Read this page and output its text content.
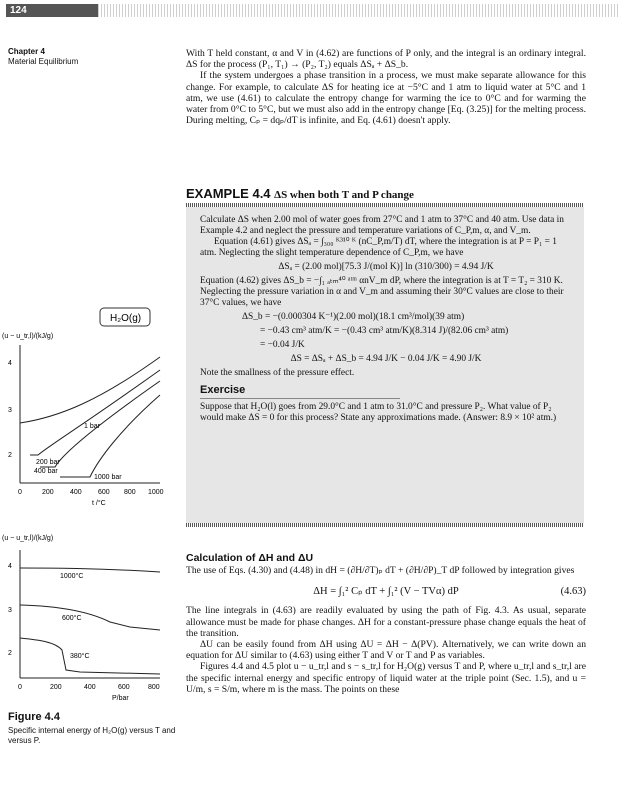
124
Chapter 4
Material Equilibrium

With T held constant, α and V in (4.62) are functions of P only, and the integral is an ordinary integral. ΔS for the process (P₁, T₁) → (P₂, T₂) equals ΔSₐ + ΔS_b.

If the system undergoes a phase transition in a process, we must make separate allowance for this change. For example, to calculate ΔS for heating ice at −5°C and 1 atm to liquid water at 5°C and 1 atm, we use (4.61) to calculate the entropy change for warming the ice to 0°C and for warming the water from 0°C to 5°C, but we must also add in the entropy change [Eq. (3.25)] for the melting process. During melting, Cₚ = dqₚ/dT is infinite, and Eq. (4.61) doesn't apply.

EXAMPLE 4.4 ΔS when both T and P change

Calculate ΔS when 2.00 mol of water goes from 27°C and 1 atm to 37°C and 40 atm. Use data in Example 4.2 and neglect the pressure and temperature variations of C_P,m, α, and V_m.

Equation (4.61) gives ΔSₐ = ∫₃₀₀ ᴷ³¹⁰ ᴷ (nC_P,m/T) dT, where the integration is at P = P₁ = 1 atm. Neglecting the slight temperature dependence of C_P,m, we have

ΔSₐ = (2.00 mol)[75.3 J/(mol K)] ln (310/300) = 4.94 J/K

Equation (4.62) gives ΔS_b = −∫₁ ₐₜₘ⁴⁰ ᵃᵗᵐ αnV_m dP, where the integration is at T = T₂ = 310 K. Neglecting the pressure variation in α and V_m and assuming their 30°C values are close to their 37°C values, we have

ΔS_b = −(0.000304 K⁻¹)(2.00 mol)(18.1 cm³/mol)(39 atm)

= −0.43 cm³ atm/K = −(0.43 cm³ atm/K)(8.314 J)/(82.06 cm³ atm)

= −0.04 J/K

ΔS = ΔSₐ + ΔS_b = 4.94 J/K − 0.04 J/K = 4.90 J/K

Note the smallness of the pressure effect.

Exercise

Suppose that H₂O(l) goes from 29.0°C and 1 atm to 31.0°C and pressure P₂. What value of P₂ would make ΔS = 0 for this process? State any approximations made. (Answer: 8.9 × 10² atm.)

Calculation of ΔH and ΔU

The use of Eqs. (4.30) and (4.48) in dH = (∂H/∂T)ₚ dT + (∂H/∂P)_T dP followed by integration gives

ΔH = ∫₁² Cₚ dT + ∫₁² (V − TVα) dP	(4.63)

The line integrals in (4.63) are readily evaluated by using the path of Fig. 4.3. As usual, separate allowance must be made for phase changes. ΔH for a constant-pressure phase change equals the heat of the transition.

ΔU can be easily found from ΔH using ΔU = ΔH − Δ(PV). Alternatively, we can write down an equation for ΔU similar to (4.63) using either T and V or T and P as variables.

Figures 4.4 and 4.5 plot u − u_tr,l and s − s_tr,l for H₂O(g) versus T and P, where u_tr,l and s_tr,l are the specific internal energy and specific entropy of liquid water at the triple point (Sec. 1.5), and u = U/m, s = S/m, where m is the mass. The points on these

(u − u_tr,l)/(kJ/g)
H₂O(g)
1 bar
200 bar
400 bar
1000 bar
4
3
2
0	200 400 600 800 1000
t /°C
(u − u_tr,l)/(kJ/g)
1000°C
600°C
380°C
4
3
2
0	200	400	600	800
P/bar
Figure 4.4
Specific internal energy of H₂O(g) versus T and versus P.
